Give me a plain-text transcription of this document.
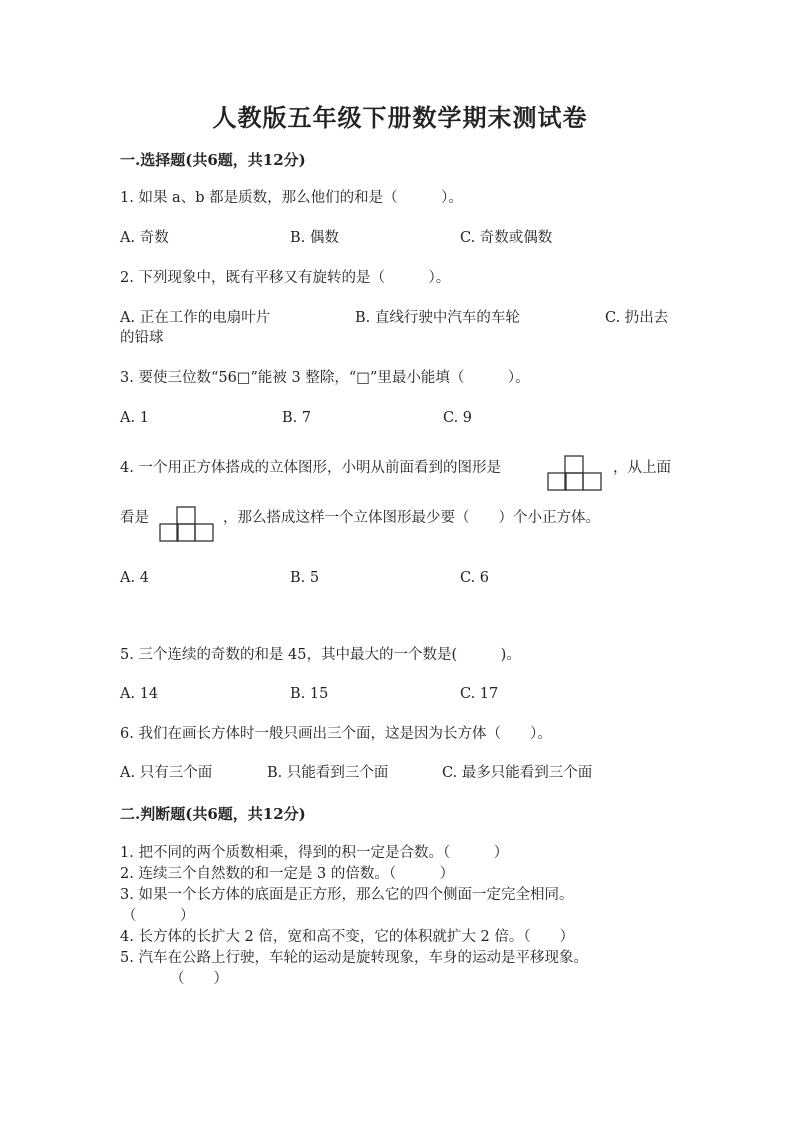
人教版五年级下册数学期末测试卷
一.选择题(共6题，共12分)
1. 如果 a、b 都是质数，那么他们的和是（　　　）。
A. 奇数	B. 偶数	C. 奇数或偶数
2. 下列现象中，既有平移又有旋转的是（　　　）。
A. 正在工作的电扇叶片	B. 直线行驶中汽车的车轮	C. 扔出去
的铅球
3. 要使三位数“56□”能被 3 整除，“□”里最小能填（　　　）。
A. 1	B. 7	C. 9
4. 一个用正方体搭成的立体图形，小明从前面看到的图形是	，从上面
看是	，那么搭成这样一个立体图形最少要（　　）个小正方体。
A. 4	B. 5	C. 6
5. 三个连续的奇数的和是 45，其中最大的一个数是(　　　)。
A. 14	B. 15	C. 17
6. 我们在画长方体时一般只画出三个面，这是因为长方体（　　）。
A. 只有三个面	B. 只能看到三个面	C. 最多只能看到三个面
二.判断题(共6题，共12分)
1. 把不同的两个质数相乘，得到的积一定是合数。（　　　）
2. 连续三个自然数的和一定是 3 的倍数。（　　　）
3. 如果一个长方体的底面是正方形，那么它的四个侧面一定完全相同。
（　　　）
4. 长方体的长扩大 2 倍，宽和高不变，它的体积就扩大 2 倍。（　　）
5. 汽车在公路上行驶，车轮的运动是旋转现象，车身的运动是平移现象。
（　　）
